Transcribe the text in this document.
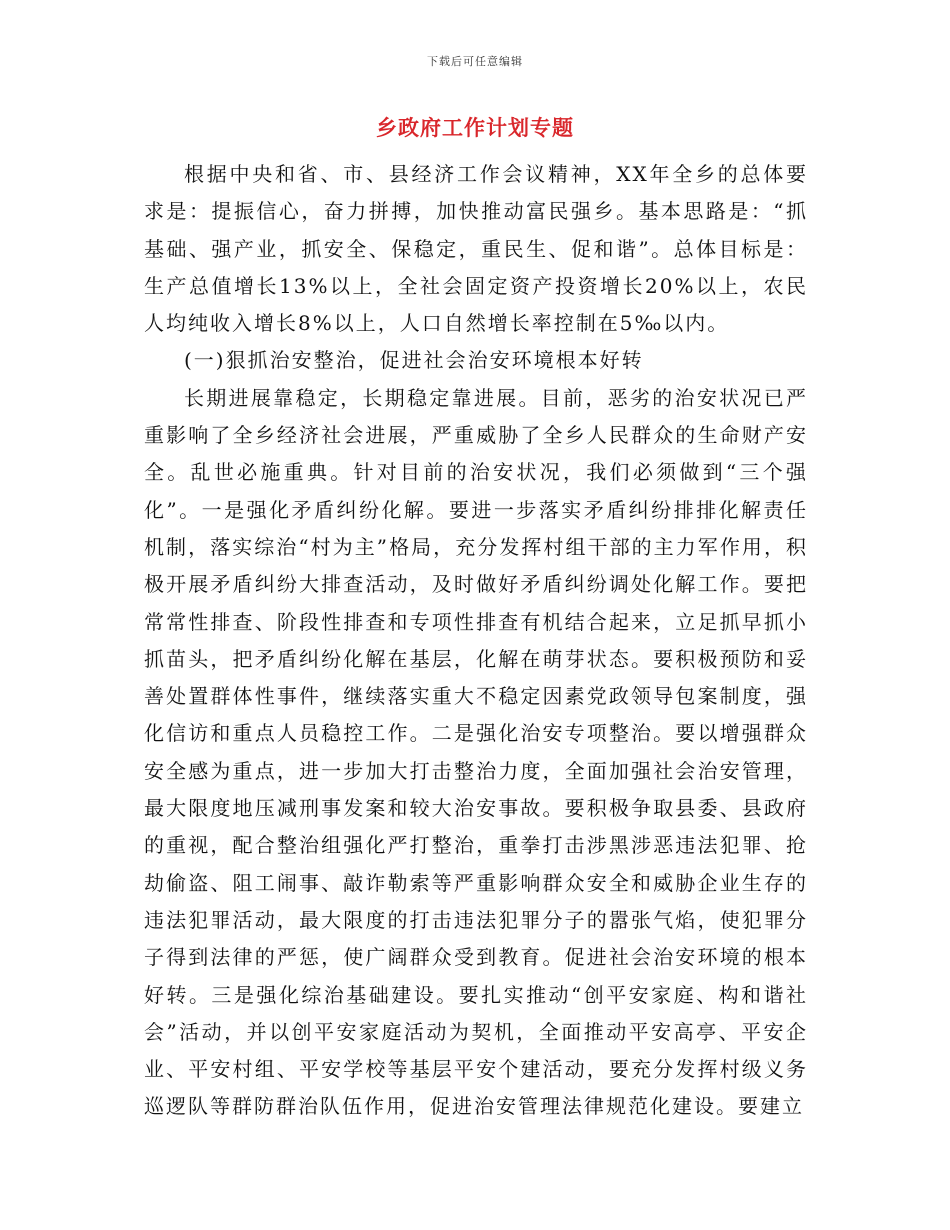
下载后可任意编辑
乡政府工作计划专题

根据中央和省、市、县经济工作会议精神，XX年全乡的总体要求是：提振信心，奋力拼搏，加快推动富民强乡。基本思路是：“抓基础、强产业，抓安全、保稳定，重民生、促和谐”。总体目标是：生产总值增长13%以上，全社会固定资产投资增长20%以上，农民人均纯收入增长8%以上，人口自然增长率控制在5‰以内。

(一)狠抓治安整治，促进社会治安环境根本好转

长期进展靠稳定，长期稳定靠进展。目前，恶劣的治安状况已严重影响了全乡经济社会进展，严重威胁了全乡人民群众的生命财产安全。乱世必施重典。针对目前的治安状况，我们必须做到“三个强化”。一是强化矛盾纠纷化解。要进一步落实矛盾纠纷排排化解责任机制，落实综治“村为主”格局，充分发挥村组干部的主力军作用，积极开展矛盾纠纷大排查活动，及时做好矛盾纠纷调处化解工作。要把常常性排查、阶段性排查和专项性排查有机结合起来，立足抓早抓小抓苗头，把矛盾纠纷化解在基层，化解在萌芽状态。要积极预防和妥善处置群体性事件，继续落实重大不稳定因素党政领导包案制度，强化信访和重点人员稳控工作。二是强化治安专项整治。要以增强群众安全感为重点，进一步加大打击整治力度，全面加强社会治安管理，最大限度地压减刑事发案和较大治安事故。要积极争取县委、县政府的重视，配合整治组强化严打整治，重拳打击涉黑涉恶违法犯罪、抢劫偷盗、阻工闹事、敲诈勒索等严重影响群众安全和威胁企业生存的违法犯罪活动，最大限度的打击违法犯罪分子的嚣张气焰，使犯罪分子得到法律的严惩，使广阔群众受到教育。促进社会治安环境的根本好转。三是强化综治基础建设。要扎实推动“创平安家庭、构和谐社会”活动，并以创平安家庭活动为契机，全面推动平安高亭、平安企业、平安村组、平安学校等基层平安个建活动，要充分发挥村级义务巡逻队等群防群治队伍作用，促进治安管理法律规范化建设。要建立
